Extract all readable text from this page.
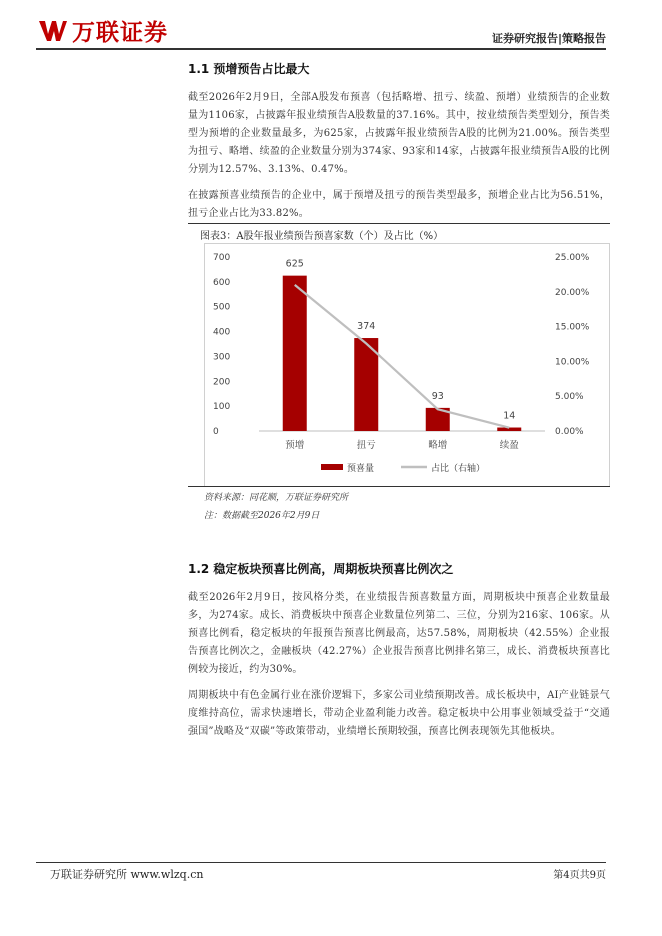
万联证券	证券研究报告|策略报告
1.1 预增预告占比最大

截至2026年2月9日，全部A股发布预喜（包括略增、扭亏、续盈、预增）业绩预告的企业数量为1106家，占披露年报业绩预告A股数量的37.16%。其中，按业绩预告类型划分，预告类型为预增的企业数量最多，为625家，占披露年报业绩预告A股的比例为21.00%。预告类型为扭亏、略增、续盈的企业数量分别为374家、93家和14家，占披露年报业绩预告A股的比例分别为12.57%、3.13%、0.47%。

在披露预喜业绩预告的企业中，属于预增及扭亏的预告类型最多，预增企业占比为56.51%，扭亏企业占比为33.82%。

图表3：A股年报业绩预告预喜家数（个）及占比（%）
0
100
200
300
400
500
600
700
0.00%
5.00%
10.00%
15.00%
20.00%
25.00%
625
374
93
14
预增	扭亏	略增	续盈
预喜量	占比（右轴）
资料来源：同花顺，万联证券研究所
注：数据截至2026年2月9日
1.2 稳定板块预喜比例高，周期板块预喜比例次之

截至2026年2月9日，按风格分类，在业绩报告预喜数量方面，周期板块中预喜企业数量最多，为274家。成长、消费板块中预喜企业数量位列第二、三位，分别为216家、106家。从预喜比例看，稳定板块的年报预告预喜比例最高，达57.58%，周期板块（42.55%）企业报告预喜比例次之，金融板块（42.27%）企业报告预喜比例排名第三，成长、消费板块预喜比例较为接近，约为30%。

周期板块中有色金属行业在涨价逻辑下，多家公司业绩预期改善。成长板块中，AI产业链景气度维持高位，需求快速增长，带动企业盈利能力改善。稳定板块中公用事业领域受益于“交通强国”战略及“双碳”等政策带动，业绩增长预期较强，预喜比例表现领先其他板块。

万联证券研究所 www.wlzq.cn	第4页共9页
